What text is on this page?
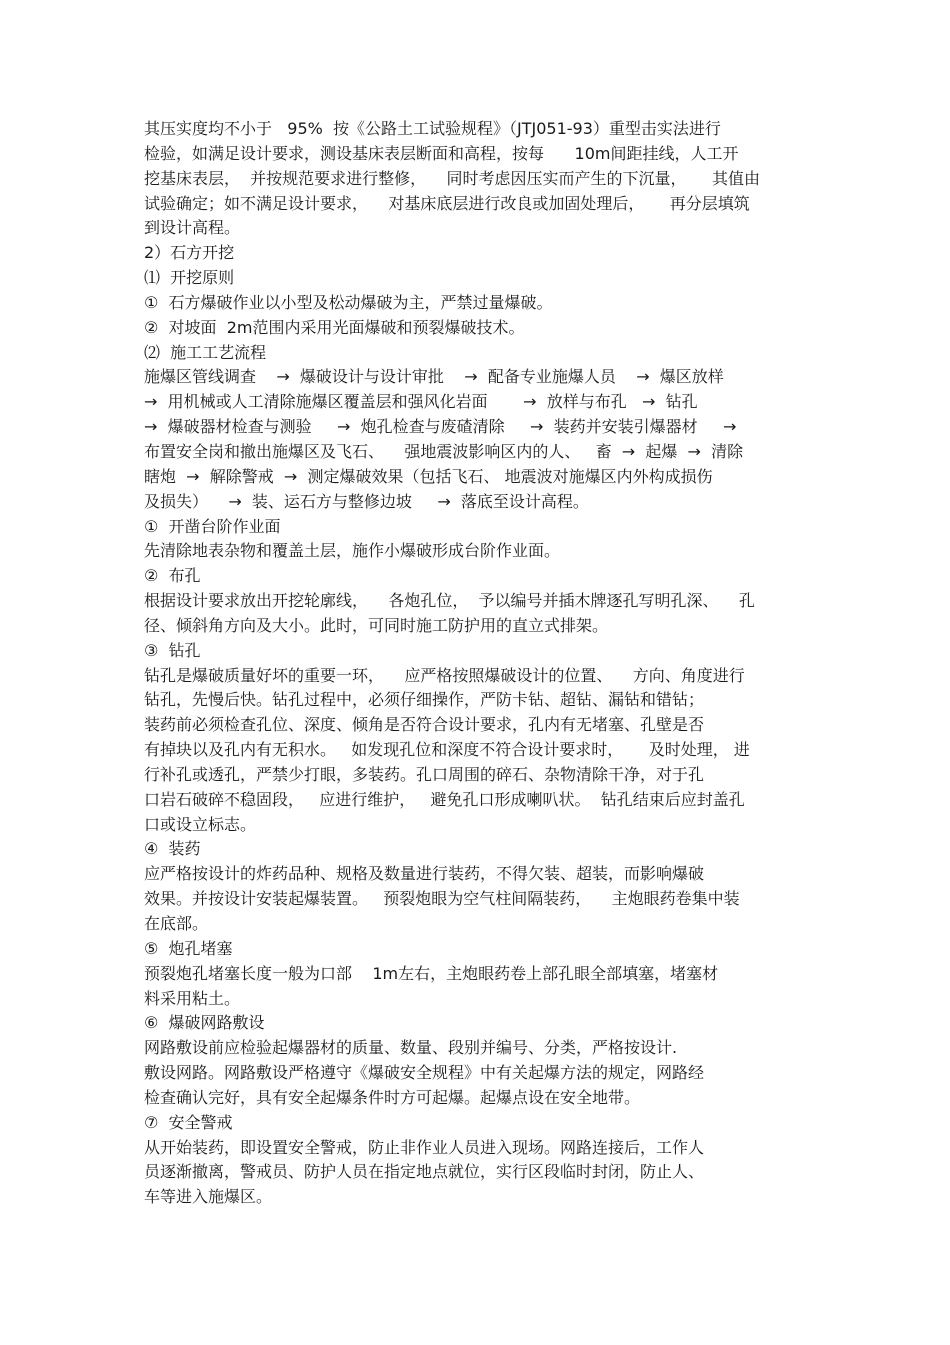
其压实度均不小于   95%  按《公路土工试验规程》（JTJ051-93）重型击实法进行
检验，如满足设计要求，测设基床表层断面和高程，按每      10m间距挂线，人工开
挖基床表层，  并按规范要求进行整修，    同时考虑因压实而产生的下沉量，     其值由
试验确定；如不满足设计要求，    对基床底层进行改良或加固处理后，     再分层填筑
到设计高程。
2）石方开挖
⑴  开挖原则
①  石方爆破作业以小型及松动爆破为主，严禁过量爆破。
②  对坡面  2m范围内采用光面爆破和预裂爆破技术。
⑵  施工工艺流程
施爆区管线调查    →  爆破设计与设计审批    →  配备专业施爆人员    →  爆区放样
→  用机械或人工清除施爆区覆盖层和强风化岩面       →  放样与布孔   →  钻孔
→  爆破器材检查与测验     →  炮孔检查与废碴清除     →  装药并安装引爆器材     →
布置安全岗和撤出施爆区及飞石、    强地震波影响区内的人、   畜  →  起爆  →  清除
瞎炮  →  解除警戒  →  测定爆破效果（包括飞石、 地震波对施爆区内外构成损伤
及损失）    →  装、运石方与整修边坡     →  落底至设计高程。
①  开凿台阶作业面
先清除地表杂物和覆盖土层，施作小爆破形成台阶作业面。
②  布孔
根据设计要求放出开挖轮廓线，    各炮孔位，  予以编号并插木牌逐孔写明孔深、    孔
径、倾斜角方向及大小。此时，可同时施工防护用的直立式排架。
③  钻孔
钻孔是爆破质量好坏的重要一环，    应严格按照爆破设计的位置、    方向、角度进行
钻孔，先慢后快。钻孔过程中，必须仔细操作，严防卡钻、超钻、漏钻和错钻；
装药前必须检查孔位、深度、倾角是否符合设计要求，孔内有无堵塞、孔壁是否
有掉块以及孔内有无积水。   如发现孔位和深度不符合设计要求时，     及时处理， 进
行补孔或透孔，严禁少打眼，多装药。孔口周围的碎石、杂物清除干净，对于孔
口岩石破碎不稳固段，   应进行维护，   避免孔口形成喇叭状。  钻孔结束后应封盖孔
口或设立标志。
④  装药
应严格按设计的炸药品种、规格及数量进行装药，不得欠装、超装，而影响爆破
效果。并按设计安装起爆装置。   预裂炮眼为空气柱间隔装药，    主炮眼药卷集中装
在底部。
⑤  炮孔堵塞
预裂炮孔堵塞长度一般为口部    1m左右，主炮眼药卷上部孔眼全部填塞，堵塞材
料采用粘土。
⑥  爆破网路敷设
网路敷设前应检验起爆器材的质量、数量、段别并编号、分类，严格按设计.
敷设网路。网路敷设严格遵守《爆破安全规程》中有关起爆方法的规定，网路经
检查确认完好，具有安全起爆条件时方可起爆。起爆点设在安全地带。
⑦  安全警戒
从开始装药，即设置安全警戒，防止非作业人员进入现场。网路连接后，工作人
员逐渐撤离，警戒员、防护人员在指定地点就位，实行区段临时封闭，防止人、
车等进入施爆区。
